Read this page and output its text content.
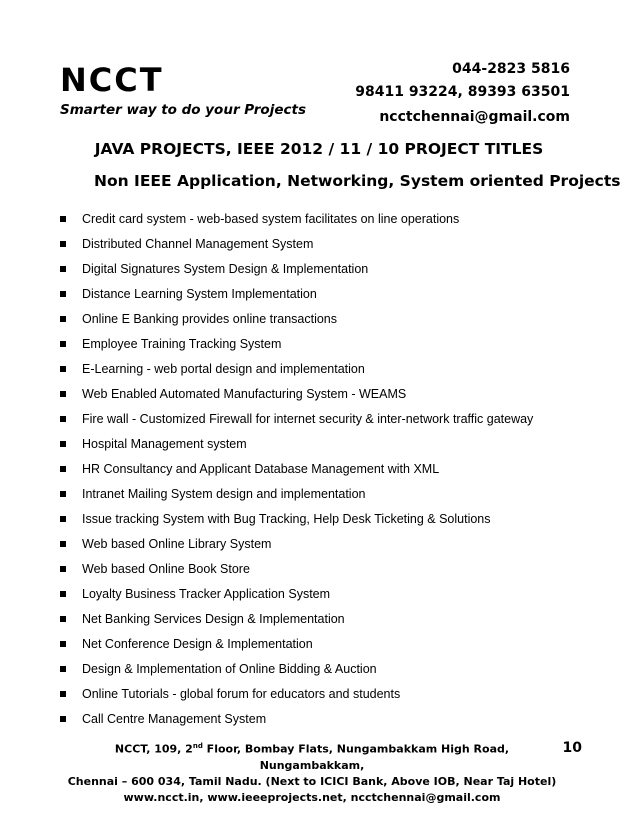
NCCT
Smarter way to do your Projects
044-2823 5816
98411 93224, 89393 63501
ncctchennai@gmail.com
JAVA PROJECTS, IEEE 2012 / 11 / 10 PROJECT TITLES
Non IEEE Application, Networking, System oriented Projects
Credit card system - web-based system facilitates on line operations
Distributed Channel Management System
Digital Signatures System Design & Implementation
Distance Learning System Implementation
Online E Banking provides online transactions
Employee Training Tracking System
E-Learning - web portal design and implementation
Web Enabled Automated Manufacturing System - WEAMS
Fire wall - Customized Firewall for internet security & inter-network traffic gateway
Hospital Management system
HR Consultancy and Applicant Database Management with XML
Intranet Mailing System design and implementation
Issue tracking System with Bug Tracking, Help Desk Ticketing & Solutions
Web based Online Library System
Web based Online Book Store
Loyalty Business Tracker Application System
Net Banking Services Design & Implementation
Net Conference Design & Implementation
Design & Implementation of Online Bidding & Auction
Online Tutorials - global forum for educators and students
Call Centre Management System
NCCT, 109, 2nd Floor, Bombay Flats, Nungambakkam High Road, Nungambakkam,
Chennai – 600 034, Tamil Nadu. (Next to ICICI Bank, Above IOB, Near Taj Hotel)
www.ncct.in, www.ieeeprojects.net, ncctchennai@gmail.com
10
